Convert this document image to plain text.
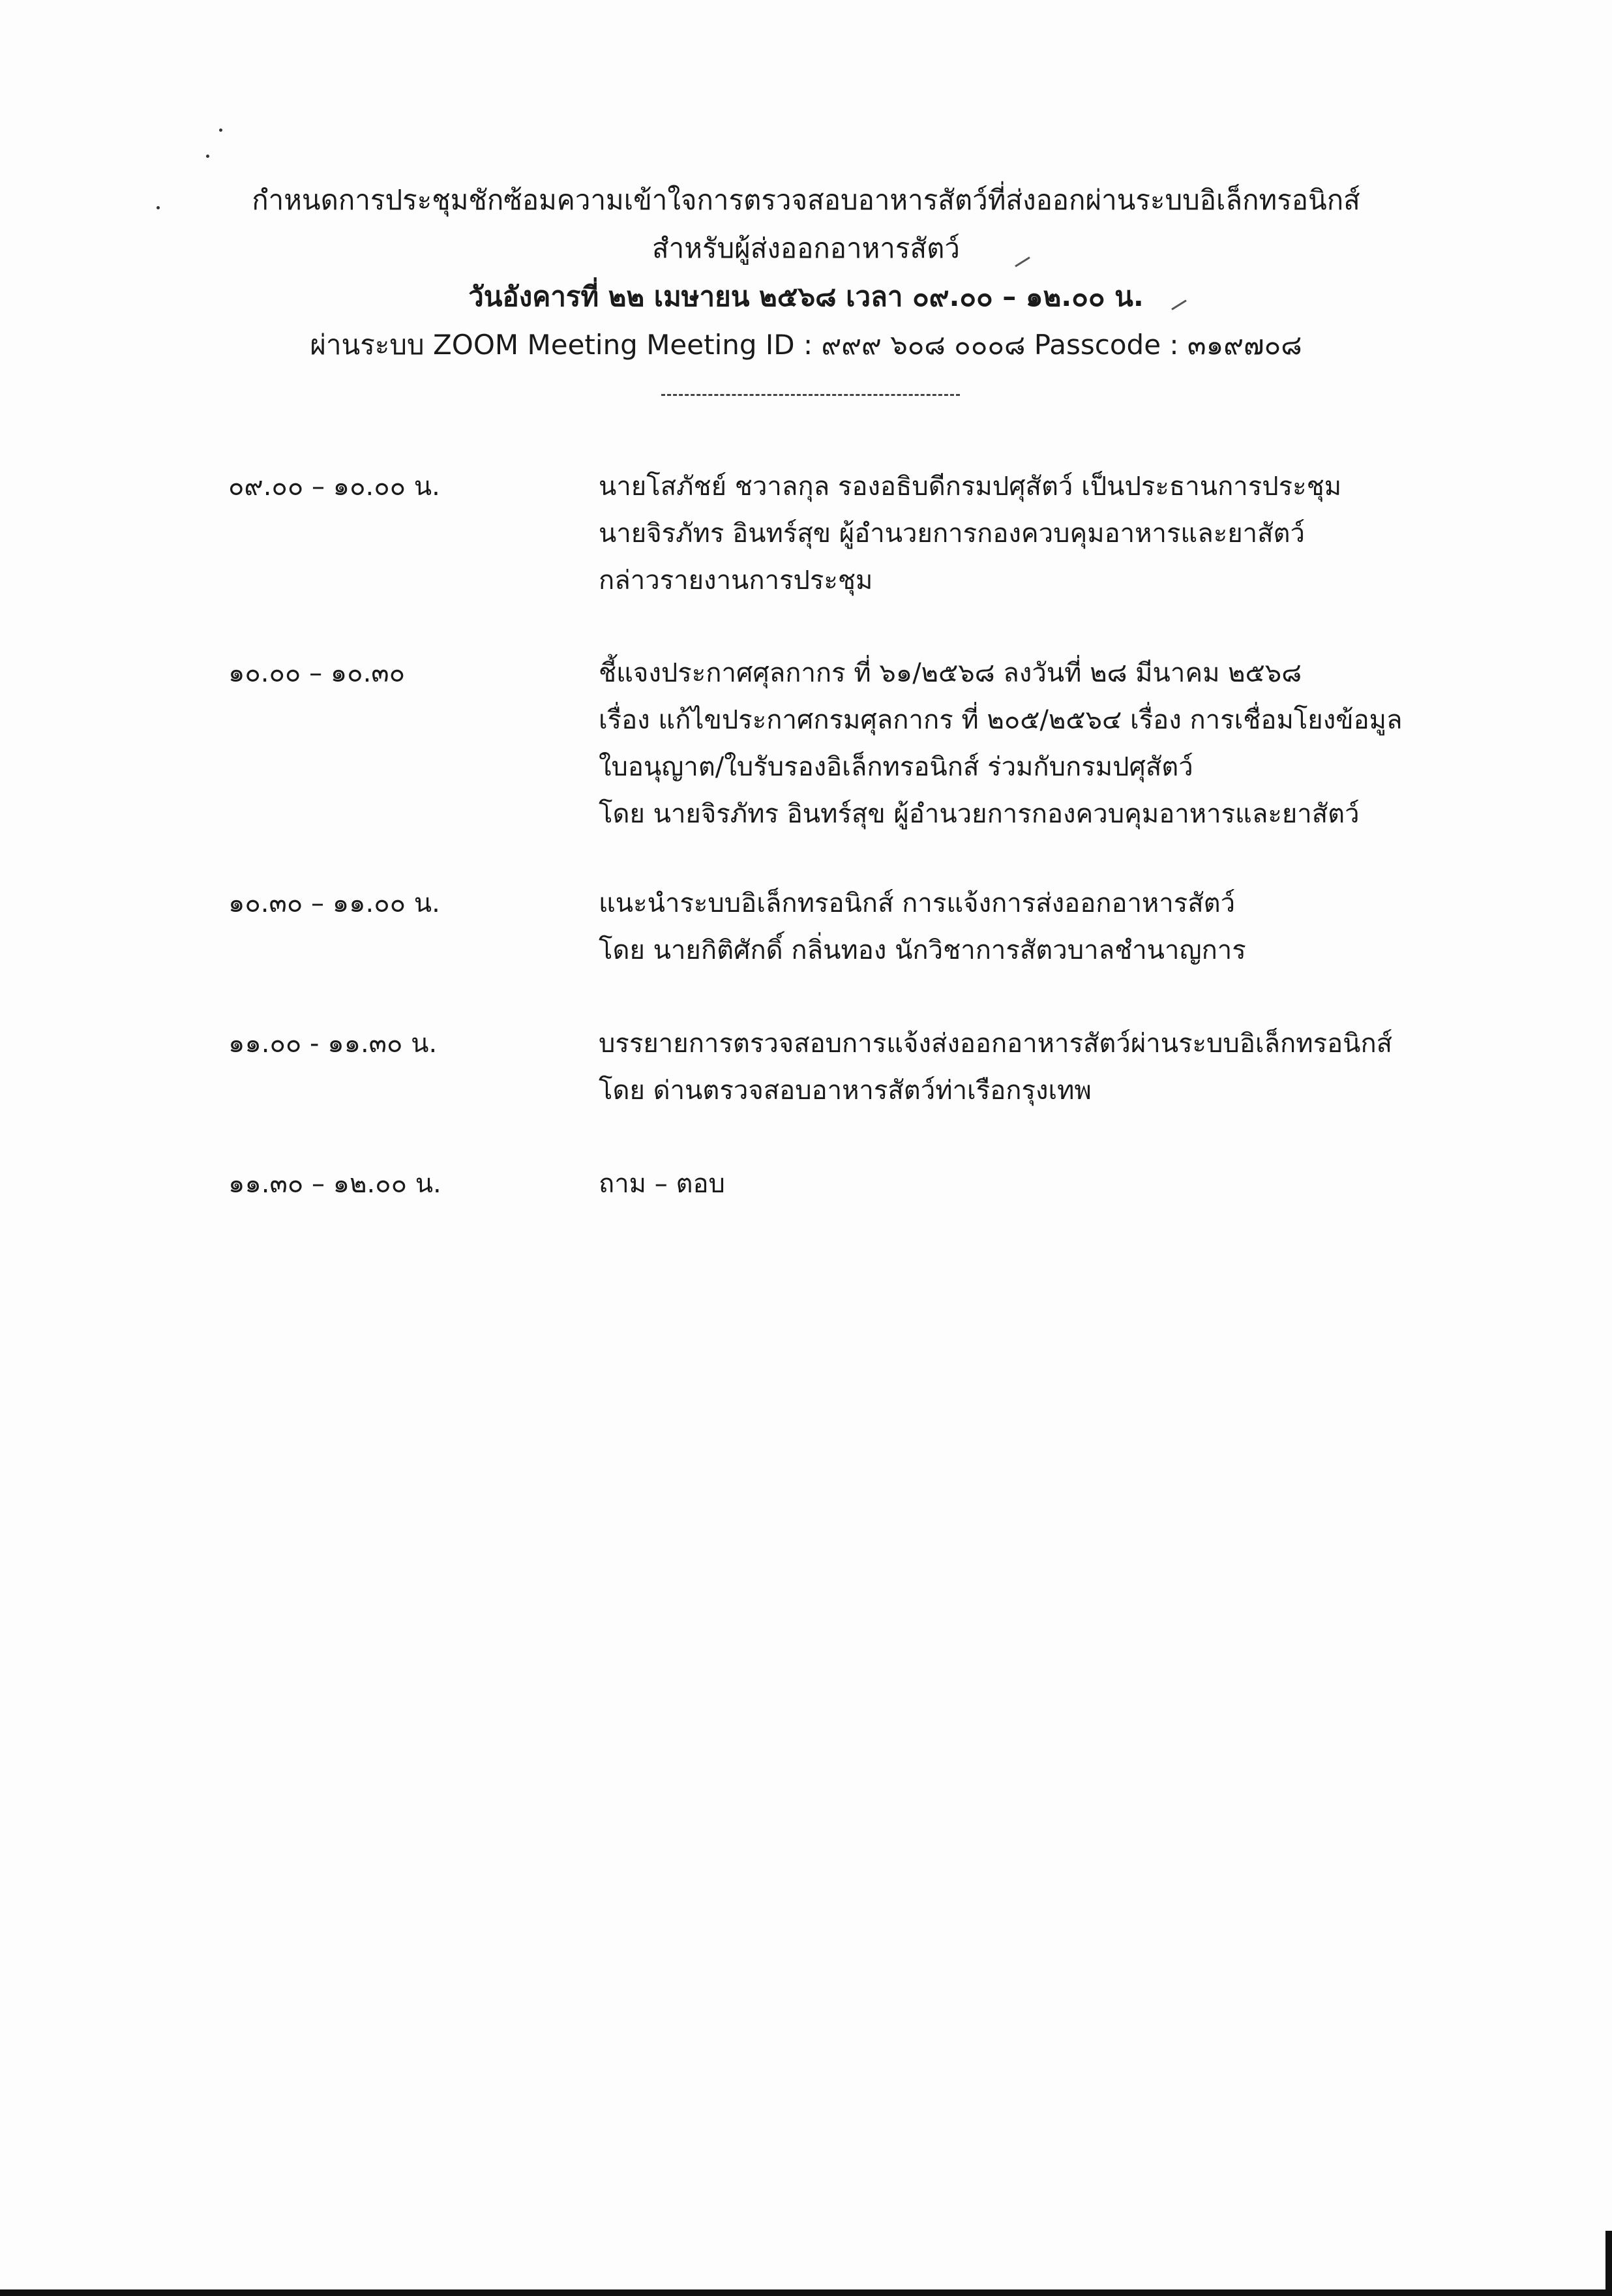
กำหนดการประชุมชักซ้อมความเข้าใจการตรวจสอบอาหารสัตว์ที่ส่งออกผ่านระบบอิเล็กทรอนิกส์
สำหรับผู้ส่งออกอาหารสัตว์
วันอังคารที่ ๒๒ เมษายน ๒๕๖๘ เวลา ๐๙.๐๐ – ๑๒.๐๐ น.
ผ่านระบบ ZOOM Meeting Meeting ID : ๙๙๙ ๖๐๘ ๐๐๐๘ Passcode : ๓๑๙๗๐๘
๐๙.๐๐ – ๑๐.๐๐ น.	นายโสภัชย์ ชวาลกุล รองอธิบดีกรมปศุสัตว์ เป็นประธานการประชุม
นายจิรภัทร อินทร์สุข ผู้อำนวยการกองควบคุมอาหารและยาสัตว์
กล่าวรายงานการประชุม
๑๐.๐๐ – ๑๐.๓๐	ชี้แจงประกาศศุลกากร ที่ ๖๑/๒๕๖๘ ลงวันที่ ๒๘ มีนาคม ๒๕๖๘
เรื่อง แก้ไขประกาศกรมศุลกากร ที่ ๒๐๕/๒๕๖๔ เรื่อง การเชื่อมโยงข้อมูล
ใบอนุญาต/ใบรับรองอิเล็กทรอนิกส์ ร่วมกับกรมปศุสัตว์
โดย นายจิรภัทร อินทร์สุข ผู้อำนวยการกองควบคุมอาหารและยาสัตว์
๑๐.๓๐ – ๑๑.๐๐ น.	แนะนำระบบอิเล็กทรอนิกส์ การแจ้งการส่งออกอาหารสัตว์
โดย นายกิติศักดิ์ กลิ่นทอง นักวิชาการสัตวบาลชำนาญการ
๑๑.๐๐ - ๑๑.๓๐ น.	บรรยายการตรวจสอบการแจ้งส่งออกอาหารสัตว์ผ่านระบบอิเล็กทรอนิกส์
โดย ด่านตรวจสอบอาหารสัตว์ท่าเรือกรุงเทพ
๑๑.๓๐ – ๑๒.๐๐ น.	ถาม – ตอบ
